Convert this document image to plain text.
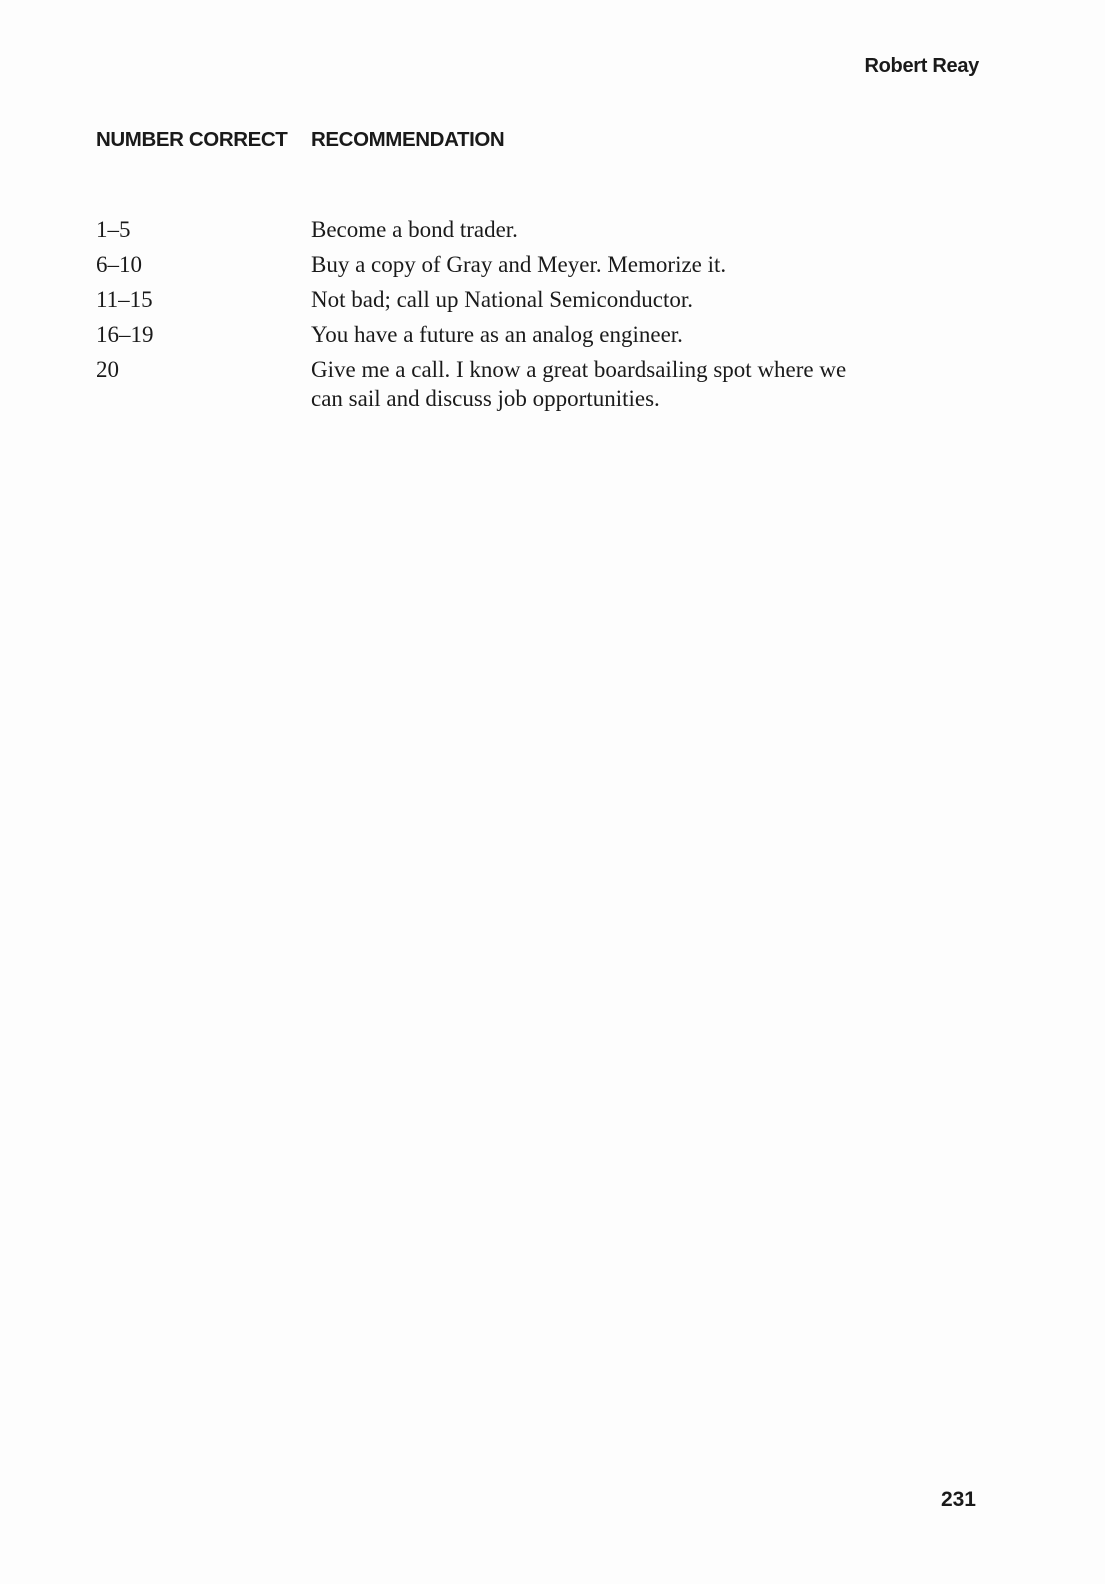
Robert Reay
NUMBER CORRECT	RECOMMENDATION
1–5	Become a bond trader.
6–10	Buy a copy of Gray and Meyer. Memorize it.
11–15	Not bad; call up National Semiconductor.
16–19	You have a future as an analog engineer.
20	Give me a call. I know a great boardsailing spot where we can sail and discuss job opportunities.
231
